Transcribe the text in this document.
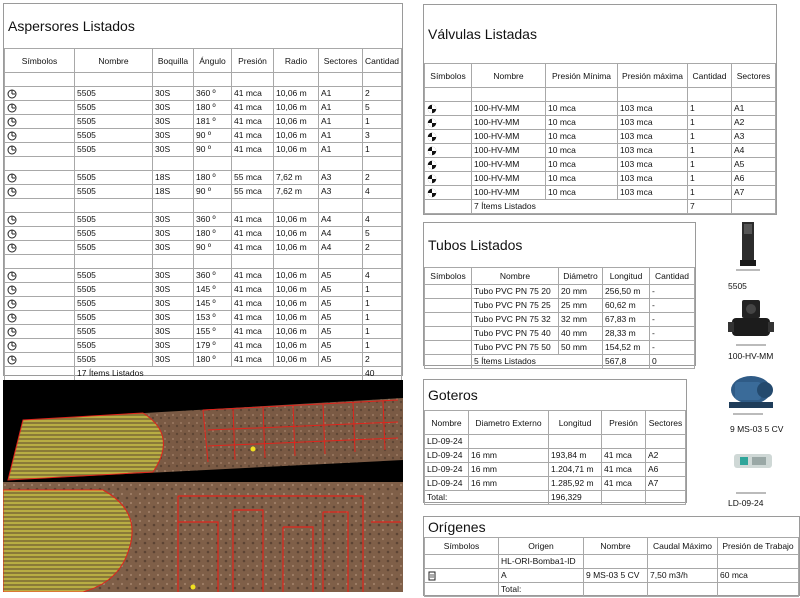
Aspersores Listados
Símbolos	Nombre	Boquilla	Ángulo	Presión	Radio	Sectores	Cantidad

	5505	30S	360 º	41 mca	10,06 m	A1	2
	5505	30S	180 º	41 mca	10,06 m	A1	5
	5505	30S	181 º	41 mca	10,06 m	A1	1
	5505	30S	90 º	41 mca	10,06 m	A1	3
	5505	30S	90 º	41 mca	10,06 m	A1	1

	5505	18S	180 º	55 mca	7,62 m	A3	2
	5505	18S	90 º	55 mca	7,62 m	A3	4

	5505	30S	360 º	41 mca	10,06 m	A4	4
	5505	30S	180 º	41 mca	10,06 m	A4	5
	5505	30S	90 º	41 mca	10,06 m	A4	2

	5505	30S	360 º	41 mca	10,06 m	A5	4
	5505	30S	145 º	41 mca	10,06 m	A5	1
	5505	30S	145 º	41 mca	10,06 m	A5	1
	5505	30S	153 º	41 mca	10,06 m	A5	1
	5505	30S	155 º	41 mca	10,06 m	A5	1
	5505	30S	179 º	41 mca	10,06 m	A5	1
	5505	30S	180 º	41 mca	10,06 m	A5	2
	17 Ítems Listados						40
Válvulas Listadas
Símbolos	Nombre	Presión Mínima	Presión máxima	Cantidad	Sectores

	100-HV-MM	10 mca	103 mca	1	A1
	100-HV-MM	10 mca	103 mca	1	A2
	100-HV-MM	10 mca	103 mca	1	A3
	100-HV-MM	10 mca	103 mca	1	A4
	100-HV-MM	10 mca	103 mca	1	A5
	100-HV-MM	10 mca	103 mca	1	A6
	100-HV-MM	10 mca	103 mca	1	A7
	7 Ítems Listados			7	
Tubos Listados
Símbolos	Nombre	Diámetro	Longitud	Cantidad
	Tubo PVC PN 75 20	20 mm	256,50 m	-
	Tubo PVC PN 75 25	25 mm	60,62 m	-
	Tubo PVC PN 75 32	32 mm	67,83 m	-
	Tubo PVC PN 75 40	40 mm	28,33 m	-
	Tubo PVC PN 75 50	50 mm	154,52 m	-
	5 Ítems Listados		567,8	0
Goteros
Nombre	Diametro Externo	Longitud	Presión	Sectores
LD-09-24				
LD-09-24	16 mm	193,84 m	41 mca	A2
LD-09-24	16 mm	1.204,71 m	41 mca	A6
LD-09-24	16 mm	1.285,92 m	41 mca	A7
Total:		196,329		
Orígenes
Símbolos	Origen	Nombre	Caudal Máximo	Presión de Trabajo
	HL-ORI-Bomba1-ID			
	A	9 MS-03 5 CV	7,50 m3/h	60 mca
	Total:			
5505
100-HV-MM
9 MS-03 5 CV
LD-09-24
